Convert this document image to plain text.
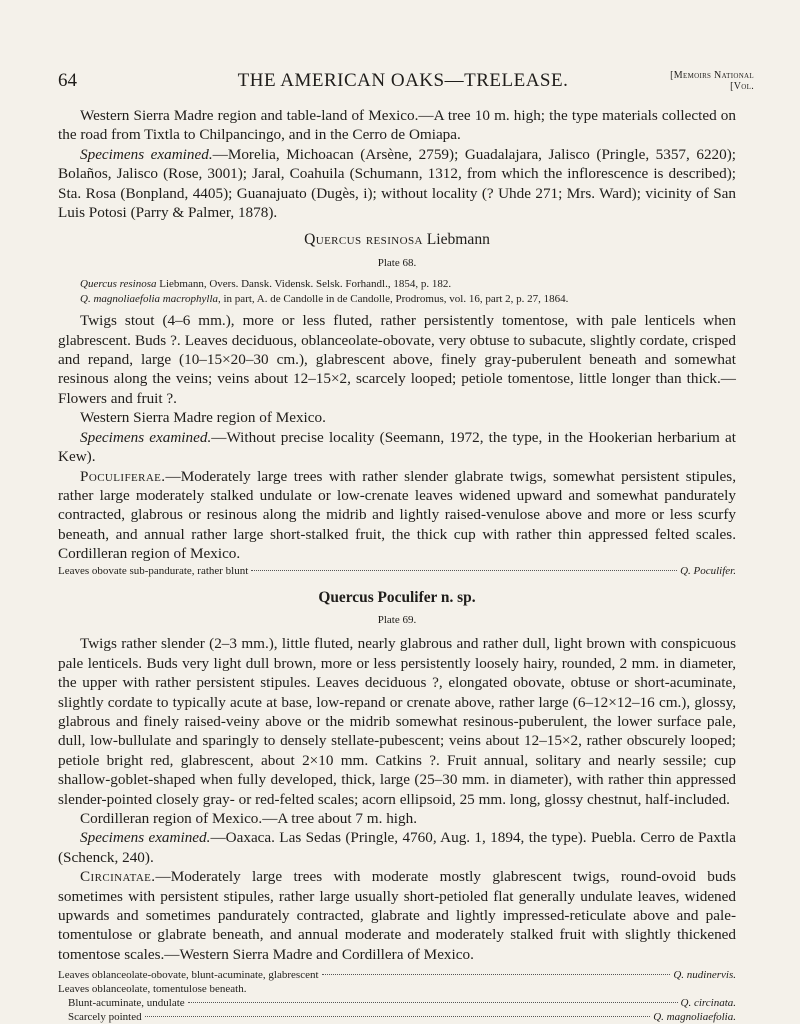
64	THE AMERICAN OAKS—TRELEASE.	[Memoirs National
[Vol.

Western Sierra Madre region and table-land of Mexico.—A tree 10 m. high; the type materials collected on the road from Tixtla to Chilpancingo, and in the Cerro de Omiapa.

Specimens examined.—Morelia, Michoacan (Arsène, 2759); Guadalajara, Jalisco (Pringle, 5357, 6220); Bolaños, Jalisco (Rose, 3001); Jaral, Coahuila (Schumann, 1312, from which the inflorescence is described); Sta. Rosa (Bonpland, 4405); Guanajuato (Dugès, i); without locality (? Uhde 271; Mrs. Ward); vicinity of San Luis Potosi (Parry & Palmer, 1878).

Quercus resinosa Liebmann
Plate 68.

Quercus resinosa Liebmann, Overs. Dansk. Vidensk. Selsk. Forhandl., 1854, p. 182.

Q. magnoliaefolia macrophylla, in part, A. de Candolle in de Candolle, Prodromus, vol. 16, part 2, p. 27, 1864.

Twigs stout (4–6 mm.), more or less fluted, rather persistently tomentose, with pale lenticels when glabrescent. Buds ?. Leaves deciduous, oblanceolate-obovate, very obtuse to subacute, slightly cordate, crisped and repand, large (10–15×20–30 cm.), glabrescent above, finely gray-puberulent beneath and somewhat resinous along the veins; veins about 12–15×2, scarcely looped; petiole tomentose, little longer than thick.—Flowers and fruit ?.

Western Sierra Madre region of Mexico.

Specimens examined.—Without precise locality (Seemann, 1972, the type, in the Hookerian herbarium at Kew).

Poculiferae.—Moderately large trees with rather slender glabrate twigs, somewhat persistent stipules, rather large moderately stalked undulate or low-crenate leaves widened upward and somewhat pandurately contracted, glabrous or resinous along the midrib and lightly raised-venulose above and more or less scurfy beneath, and annual rather large short-stalked fruit, the thick cup with rather thin appressed felted scales. Cordilleran region of Mexico.

Leaves obovate sub-pandurate, rather blunt	Q. Poculifer.
Quercus Poculifer n. sp.
Plate 69.

Twigs rather slender (2–3 mm.), little fluted, nearly glabrous and rather dull, light brown with conspicuous pale lenticels. Buds very light dull brown, more or less persistently loosely hairy, rounded, 2 mm. in diameter, the upper with rather persistent stipules. Leaves deciduous ?, elongated obovate, obtuse or short-acuminate, slightly cordate to typically acute at base, low-repand or crenate above, rather large (6–12×12–16 cm.), glossy, glabrous and finely raised-veiny above or the midrib somewhat resinous-puberulent, the lower surface pale, dull, low-bullulate and sparingly to densely stellate-pubescent; veins about 12–15×2, rather obscurely looped; petiole bright red, glabrescent, about 2×10 mm. Catkins ?. Fruit annual, solitary and nearly sessile; cup shallow-goblet-shaped when fully developed, thick, large (25–30 mm. in diameter), with rather thin appressed slender-pointed closely gray- or red-felted scales; acorn ellipsoid, 25 mm. long, glossy chestnut, half-included.

Cordilleran region of Mexico.—A tree about 7 m. high.

Specimens examined.—Oaxaca. Las Sedas (Pringle, 4760, Aug. 1, 1894, the type). Puebla. Cerro de Paxtla (Schenck, 240).

Circinatae.—Moderately large trees with moderate mostly glabrescent twigs, round-ovoid buds sometimes with persistent stipules, rather large usually short-petioled flat generally undulate leaves, widened upwards and sometimes pandurately contracted, glabrate and lightly impressed-reticulate above and pale-tomentulose or glabrate beneath, and annual moderate and moderately stalked fruit with slightly thickened tomentose scales.—Western Sierra Madre and Cordillera of Mexico.

Leaves oblanceolate-obovate, blunt-acuminate, glabrescent	Q. nudinervis.
Leaves oblanceolate, tomentulose beneath.
Blunt-acuminate, undulate	Q. circinata.
Scarcely pointed	Q. magnoliaefolia.
